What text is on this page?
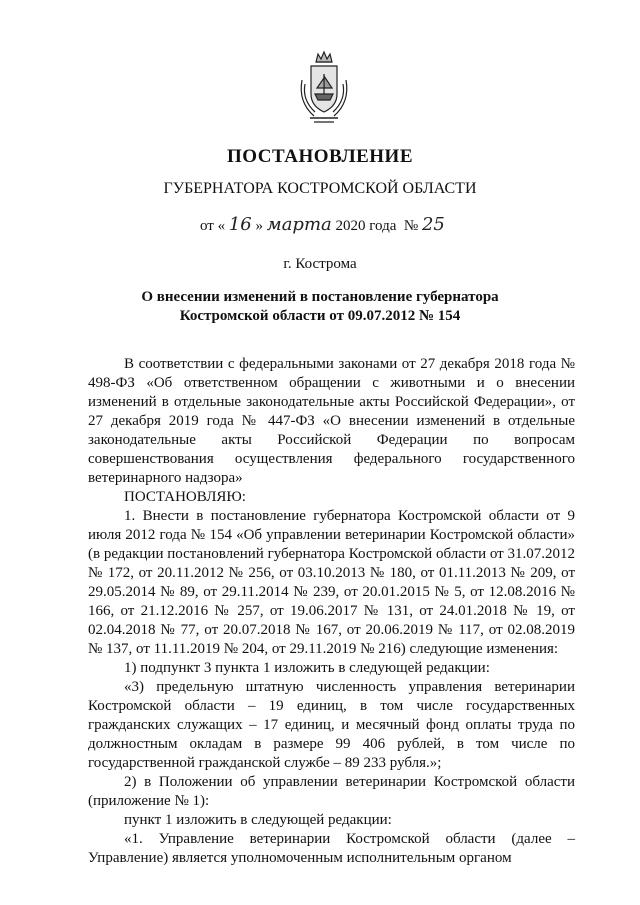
ПОСТАНОВЛЕНИЕ
ГУБЕРНАТОРА КОСТРОМСКОЙ ОБЛАСТИ
от « 16 » марта 2020 года № 25
г. Кострома
О внесении изменений в постановление губернатора Костромской области от 09.07.2012 № 154

В соответствии с федеральными законами от 27 декабря 2018 года № 498-ФЗ «Об ответственном обращении с животными и о внесении изменений в отдельные законодательные акты Российской Федерации», от 27 декабря 2019 года № 447-ФЗ «О внесении изменений в отдельные законодательные акты Российской Федерации по вопросам совершенствования осуществления федерального государственного ветеринарного надзора»

ПОСТАНОВЛЯЮ:

1. Внести в постановление губернатора Костромской области от 9 июля 2012 года № 154 «Об управлении ветеринарии Костромской области» (в редакции постановлений губернатора Костромской области от 31.07.2012 № 172, от 20.11.2012 № 256, от 03.10.2013 № 180, от 01.11.2013 № 209, от 29.05.2014 № 89, от 29.11.2014 № 239, от 20.01.2015 № 5, от 12.08.2016 № 166, от 21.12.2016 № 257, от 19.06.2017 № 131, от 24.01.2018 № 19, от 02.04.2018 № 77, от 20.07.2018 № 167, от 20.06.2019 № 117, от 02.08.2019 № 137, от 11.11.2019 № 204, от 29.11.2019 № 216) следующие изменения:

1) подпункт 3 пункта 1 изложить в следующей редакции:

«3) предельную штатную численность управления ветеринарии Костромской области – 19 единиц, в том числе государственных гражданских служащих – 17 единиц, и месячный фонд оплаты труда по должностным окладам в размере 99 406 рублей, в том числе по государственной гражданской службе – 89 233 рубля.»;

2) в Положении об управлении ветеринарии Костромской области (приложение № 1):

пункт 1 изложить в следующей редакции:

«1. Управление ветеринарии Костромской области (далее – Управление) является уполномоченным исполнительным органом
